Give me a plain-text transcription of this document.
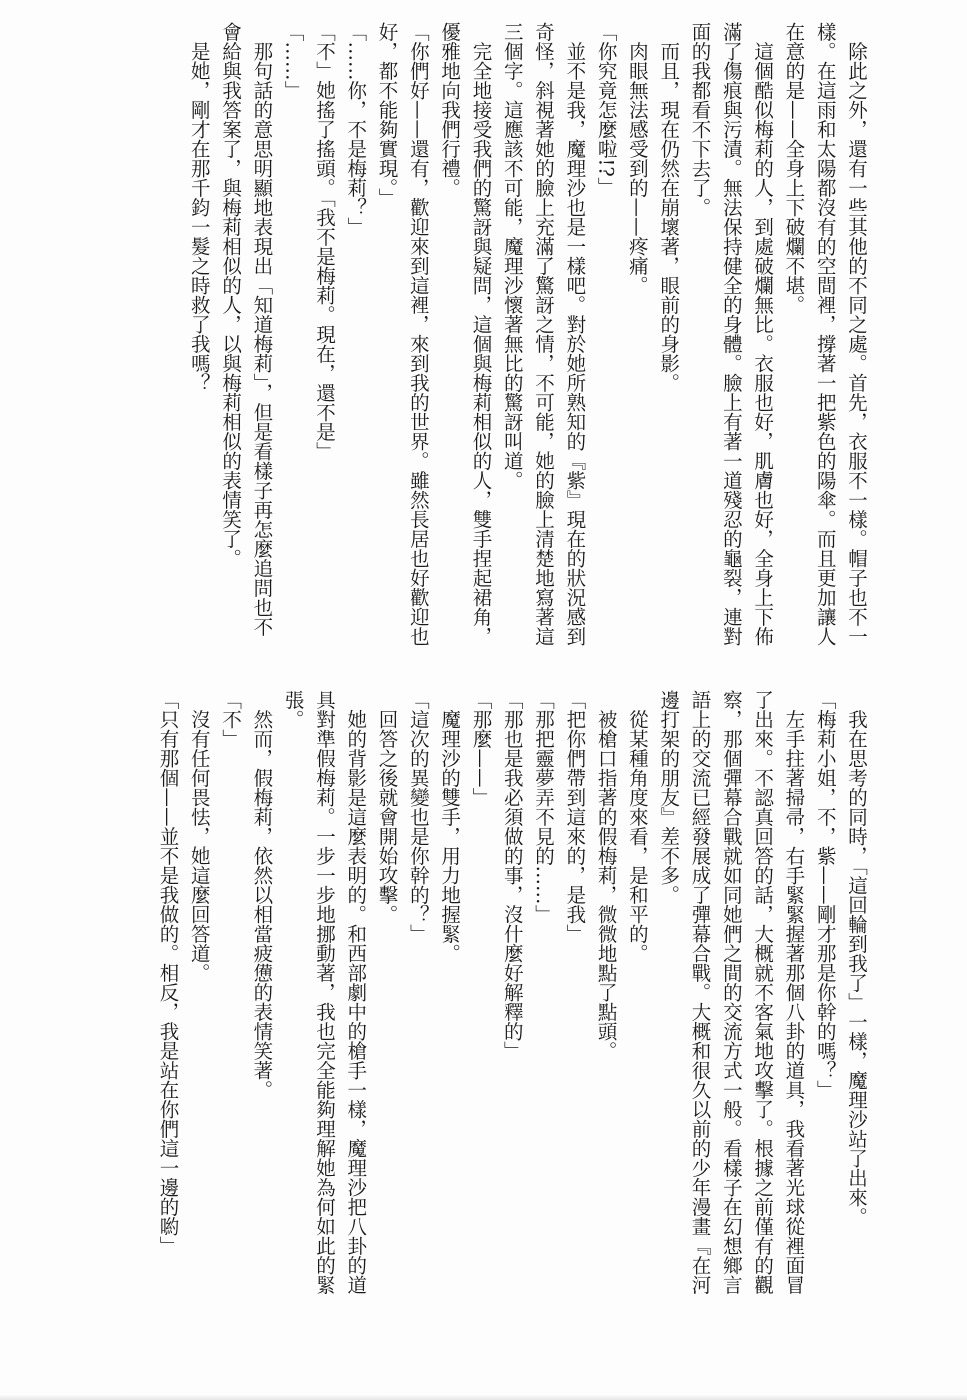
　除此之外，還有一些其他的不同之處。首先，衣服不一樣。帽子也不一
樣。在這雨和太陽都沒有的空間裡，撐著一把紫色的陽傘。而且更加讓人
在意的是——全身上下破爛不堪。
　這個酷似梅莉的人，到處破爛無比。衣服也好，肌膚也好，全身上下佈
滿了傷痕與污漬。無法保持健全的身體。臉上有著一道殘忍的龜裂，連對
面的我都看不下去了。
　而且，現在仍然在崩壞著，眼前的身影。
　肉眼無法感受到的——疼痛。
「你究竟怎麼啦!?」
　並不是我，魔理沙也是一樣吧。對於她所熟知的『紫』現在的狀況感到
奇怪，斜視著她的臉上充滿了驚訝之情，不可能，她的臉上清楚地寫著這
三個字。這應該不可能，魔理沙懷著無比的驚訝叫道。
　完全地接受我們的驚訝與疑問，這個與梅莉相似的人，雙手捏起裙角，
優雅地向我們行禮。
「你們好——還有，歡迎來到這裡，來到我的世界。雖然長居也好歡迎也
好，都不能夠實現。」
「……你，不是梅莉？」
「不」她搖了搖頭。「我不是梅莉。現在，還不是」
「……」
　那句話的意思明顯地表現出「知道梅莉」，但是看樣子再怎麼追問也不
會給與我答案了，與梅莉相似的人，以與梅莉相似的表情笑了。
　是她，剛才在那千鈞一髮之時救了我嗎？
　我在思考的同時，「這回輪到我了」一樣，魔理沙站了出來。
「梅莉小姐，不，紫——剛才那是你幹的嗎？」
　左手拄著掃帚，右手緊緊握著那個八卦的道具，我看著光球從裡面冒
了出來。不認真回答的話，大概就不客氣地攻擊了。根據之前僅有的觀
察，那個彈幕合戰就如同她們之間的交流方式一般。看樣子在幻想鄉言
語上的交流已經發展成了彈幕合戰。大概和很久以前的少年漫畫『在河
邊打架的朋友』差不多。
　從某種角度來看，是和平的。
　被槍口指著的假梅莉，微微地點了點頭。
「把你們帶到這來的，是我」
「那把靈夢弄不見的……」
「那也是我必須做的事，沒什麼好解釋的」
「那麼——」
　魔理沙的雙手，用力地握緊。
「這次的異變也是你幹的？」
　回答之後就會開始攻擊。
　她的背影是這麼表明的。和西部劇中的槍手一樣，魔理沙把八卦的道
具對準假梅莉。一步一步地挪動著，我也完全能夠理解她為何如此的緊
張。
　然而，假梅莉，依然以相當疲憊的表情笑著。
「不」
　沒有任何畏怯，她這麼回答道。
「只有那個——並不是我做的。相反，我是站在你們這一邊的喲」
